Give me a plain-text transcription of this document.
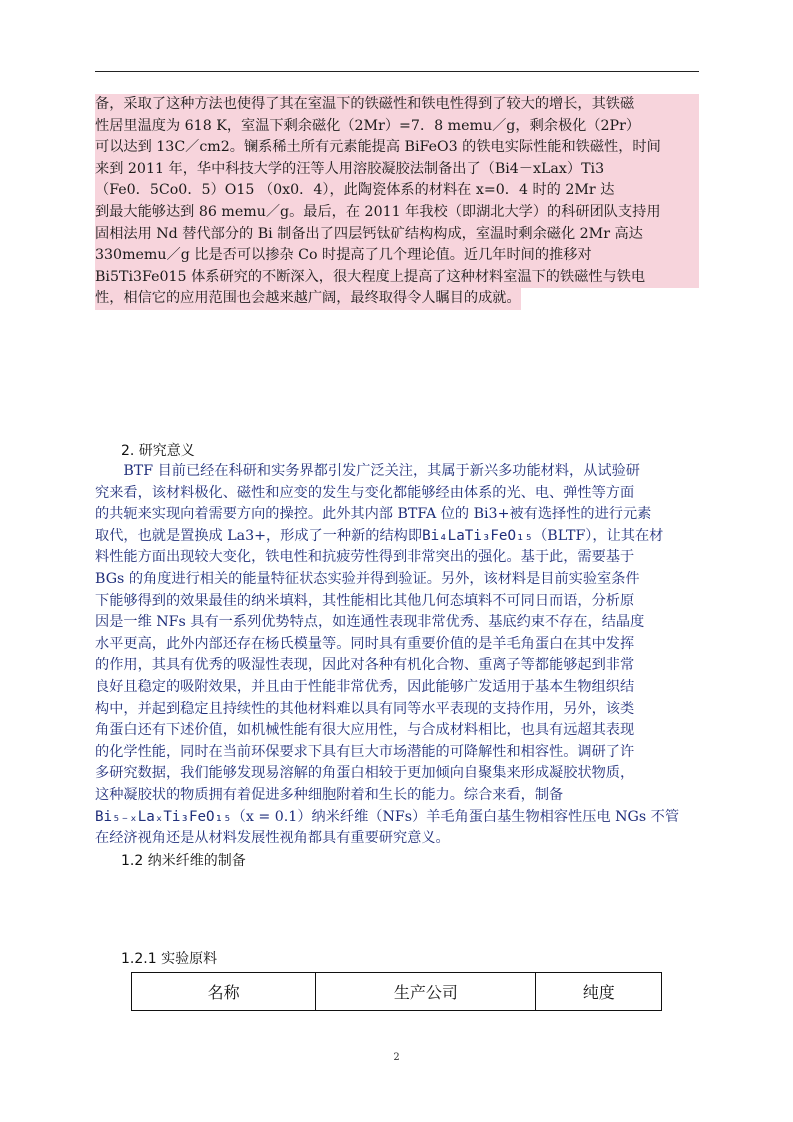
备，采取了这种方法也使得了其在室温下的铁磁性和铁电性得到了较大的增长，其铁磁
性居里温度为 618 K，室温下剩余磁化（2Mr）=7．8 memu／g，剩余极化（2Pr）
可以达到 13C／cm2。镧系稀土所有元素能提高 BiFeO3 的铁电实际性能和铁磁性，时间
来到 2011 年，华中科技大学的汪等人用溶胶凝胶法制备出了（Bi4－xLax）Ti3
（Fe0．5Co0．5）O15 （0x0．4），此陶瓷体系的材料在 x=0．4 时的 2Mr 达
到最大能够达到 86 memu／g。最后，在 2011 年我校（即湖北大学）的科研团队支持用
固相法用 Nd 替代部分的 Bi 制备出了四层钙钛矿结构构成，室温时剩余磁化 2Mr 高达
330memu／g 比是否可以掺杂 Co 时提高了几个理论值。近几年时间的推移对
Bi5Ti3Fe015 体系研究的不断深入，很大程度上提高了这种材料室温下的铁磁性与铁电
性，相信它的应用范围也会越来越广阔，最终取得令人瞩目的成就。
2. 研究意义
　　BTF 目前已经在科研和实务界都引发广泛关注，其属于新兴多功能材料，从试验研
究来看，该材料极化、磁性和应变的发生与变化都能够经由体系的光、电、弹性等方面
的共轭来实现向着需要方向的操控。此外其内部 BTFA 位的 Bi3+被有选择性的进行元素
取代，也就是置换成 La3+，形成了一种新的结构即Bi₄LaTi₃FeO₁₅（BLTF），让其在材
料性能方面出现较大变化，铁电性和抗疲劳性得到非常突出的强化。基于此，需要基于
BGs 的角度进行相关的能量特征状态实验并得到验证。另外，该材料是目前实验室条件
下能够得到的效果最佳的纳米填料，其性能相比其他几何态填料不可同日而语，分析原
因是一维 NFs 具有一系列优势特点，如连通性表现非常优秀、基底约束不存在，结晶度
水平更高，此外内部还存在杨氏模量等。同时具有重要价值的是羊毛角蛋白在其中发挥
的作用，其具有优秀的吸湿性表现，因此对各种有机化合物、重离子等都能够起到非常
良好且稳定的吸附效果，并且由于性能非常优秀，因此能够广发适用于基本生物组织结
构中，并起到稳定且持续性的其他材料难以具有同等水平表现的支持作用，另外，该类
角蛋白还有下述价值，如机械性能有很大应用性，与合成材料相比，也具有远超其表现
的化学性能，同时在当前环保要求下具有巨大市场潜能的可降解性和相容性。调研了许
多研究数据，我们能够发现易溶解的角蛋白相较于更加倾向自聚集来形成凝胶状物质，
这种凝胶状的物质拥有着促进多种细胞附着和生长的能力。综合来看，制备
Bi₅₋ₓLaₓTi₃FeO₁₅（x = 0.1）纳米纤维（NFs）羊毛角蛋白基生物相容性压电 NGs 不管
在经济视角还是从材料发展性视角都具有重要研究意义。
1.2 纳米纤维的制备
1.2.1 实验原料
名称	生产公司	纯度
2
